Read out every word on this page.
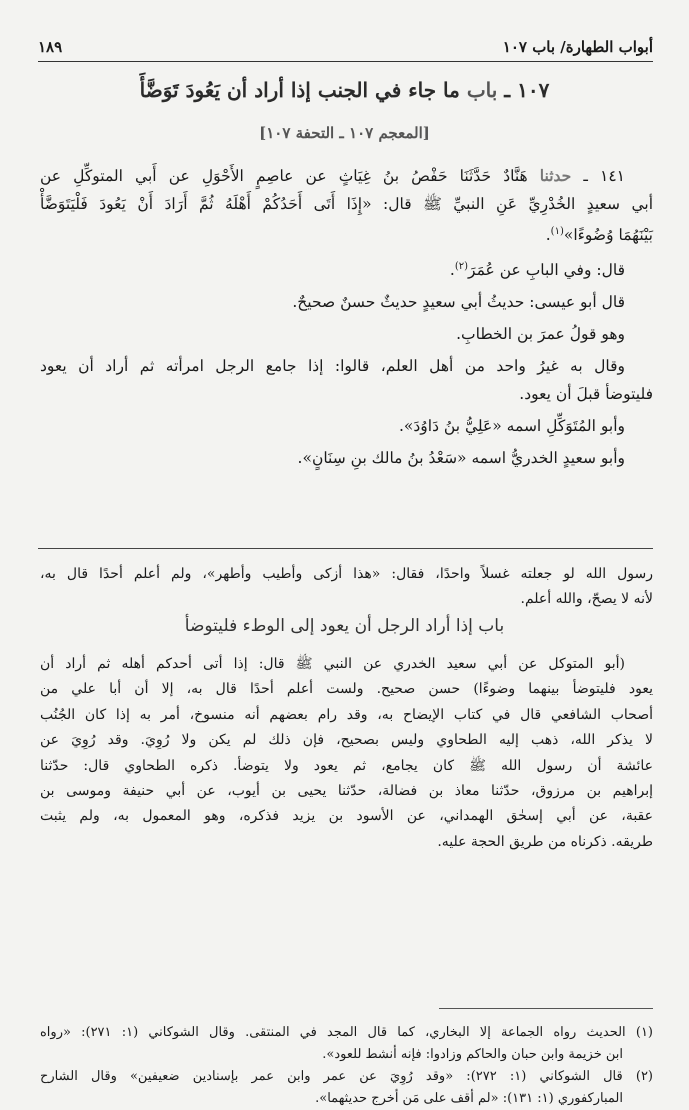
أبواب الطهارة/ باب ١٠٧
١٨٩
١٠٧ ـ باب ما جاء في الجنب إذا أراد أن يَعُودَ تَوَضَّأَ
[المعجم ١٠٧ ـ التحفة ١٠٧]
١٤١ ـ حدثنا هَنَّادٌ حَدَّثَنَا حَفْصُ بنُ غِيَاثٍ عن عاصِمٍ الأَحْوَلِ عن أَبي المتوكِّلِ عن
أبي سعيدٍ الخُدْرِيِّ عَنِ النبيِّ ﷺ قال: «إِذَا أَتَى أَحَدُكُمْ أَهْلَهُ ثُمَّ أَرَادَ أَنْ يَعُودَ فَلْيَتَوَضَّأْ
بَيْنَهُمَا وُضُوءًا»$^{(١)}$.
قال: وفي البابِ عن عُمَرَ$^{(٢)}$.
قال أبو عيسى: حديثُ أبي سعيدٍ حديثٌ حسنٌ صحيحٌ.
وهو قولُ عمرَ بن الخطابِ.
وقال به غيرُ واحد من أهل العلم، قالوا: إذا جامع الرجل امرأته ثم أراد أن يعود
فليتوضأ قبلَ أن يعود.
وأبو المُتَوَكِّلِ اسمه «عَلِيُّ بنُ دَاوُدَ».
وأبو سعيدٍ الخدريُّ اسمه «سَعْدُ بنُ مالك بنِ سِنَانٍ».
رسول الله لو جعلته غسلاً واحدًا، فقال: «هذا أزكى وأطيب وأطهر»، ولم أعلم أحدًا قال به،
لأنه لا يصحّ، والله أعلم.
باب إذا أراد الرجل أن يعود إلى الوطء فليتوضأ
(أبو المتوكل عن أبي سعيد الخدري عن النبي ﷺ قال: إذا أتى أحدكم أهله ثم أراد أن
يعود فليتوضأ بينهما وضوءًا) حسن صحيح. ولست أعلم أحدًا قال به، إلا أن أبا علي من
أصحاب الشافعي قال في كتاب الإيضاح به، وقد رام بعضهم أنه منسوخ، أمر به إذا كان الجُنُب
لا يذكر الله، ذهب إليه الطحاوي وليس بصحيح، فإن ذلك لم يكن ولا رُوِيَ. وقد رُوِيَ عن
عائشة أن رسول الله ﷺ كان يجامع، ثم يعود ولا يتوضأ. ذكره الطحاوي قال: حدّثنا
إبراهيم بن مرزوق، حدّثنا معاذ بن فضالة، حدّثنا يحيى بن أيوب، عن أبي حنيفة وموسى بن
عقبة، عن أبي إسحٰق الهمداني، عن الأسود بن يزيد فذكره، وهو المعمول به، ولم يثبت
طريقه. ذكرناه من طريق الحجة عليه.
(١) الحديث رواه الجماعة إلا البخاري، كما قال المجد في المنتقى. وقال الشوكاني (١: ٢٧١): «رواه
ابن خزيمة وابن حبان والحاكم وزادوا: فإنه أنشط للعود».
(٢) قال الشوكاني (١: ٢٧٢): «وقد رُوِيَ عن عمر وابن عمر بإسنادين ضعيفين» وقال الشارح
المباركفوري (١: ١٣١): «لم أقف على مَن أخرج حديثهما».
